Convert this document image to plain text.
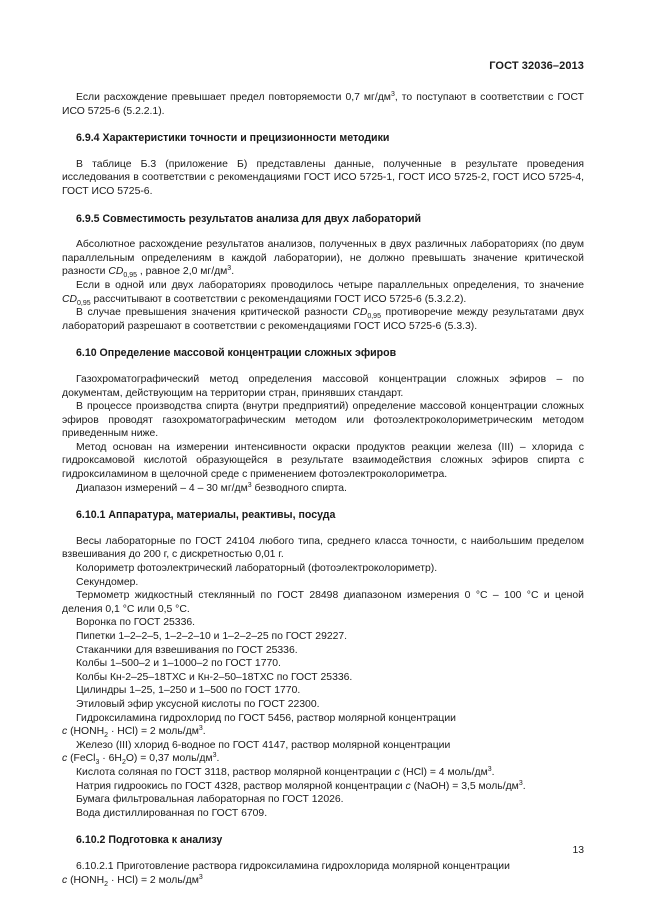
ГОСТ 32036–2013

Если расхождение превышает предел повторяемости 0,7 $мг/дм^3$, то поступают в соответствии с ГОСТ ИСО 5725-6 (5.2.2.1).

6.9.4 Характеристики точности и прецизионности методики

В таблице Б.3 (приложение Б) представлены данные, полученные в результате проведения исследования в соответствии с рекомендациями ГОСТ ИСО 5725-1, ГОСТ ИСО 5725-2, ГОСТ ИСО 5725-4, ГОСТ ИСО 5725-6.

6.9.5 Совместимость результатов анализа для двух лабораторий

Абсолютное расхождение результатов анализов, полученных в двух различных лабораториях (по двум параллельным определениям в каждой лаборатории), не должно превышать значение критической разности $CD_{0,95}$ , равное 2,0 $мг/дм^3$.

Если в одной или двух лабораториях проводилось четыре параллельных определения, то значение $CD_{0,95}$ рассчитывают в соответствии с рекомендациями ГОСТ ИСО 5725-6 (5.3.2.2).

В случае превышения значения критической разности $CD_{0,95}$ противоречие между результатами двух лабораторий разрешают в соответствии с рекомендациями ГОСТ ИСО 5725-6 (5.3.3).

6.10 Определение массовой концентрации сложных эфиров

Газохроматографический метод определения массовой концентрации сложных эфиров – по документам, действующим на территории стран, принявших стандарт.

В процессе производства спирта (внутри предприятий) определение массовой концентрации сложных эфиров проводят газохроматографическим методом или фотоэлектроколориметрическим методом приведенным ниже.

Метод основан на измерении интенсивности окраски продуктов реакции железа (III) – хлорида с гидроксамовой кислотой образующейся в результате взаимодействия сложных эфиров спирта с гидроксиламином в щелочной среде с применением фотоэлектроколориметра.

Диапазон измерений – 4 – 30 $мг/дм^3$ безводного спирта.

6.10.1 Аппаратура, материалы, реактивы, посуда

Весы лабораторные по ГОСТ 24104 любого типа, среднего класса точности, с наибольшим пределом взвешивания до 200 г, с дискретностью 0,01 г.

Колориметр фотоэлектрический лабораторный (фотоэлектроколориметр).

Секундомер.

Термометр жидкостный стеклянный по ГОСТ 28498 диапазоном измерения 0 °С – 100 °С и ценой деления 0,1 °С или 0,5 °С.

Воронка по ГОСТ 25336.

Пипетки 1–2–2–5, 1–2–2–10 и 1–2–2–25 по ГОСТ 29227.

Стаканчики для взвешивания по ГОСТ 25336.

Колбы 1–500–2 и 1–1000–2 по ГОСТ 1770.

Колбы Кн-2–25–18ТХС и Кн-2–50–18ТХС по ГОСТ 25336.

Цилиндры 1–25, 1–250 и 1–500 по ГОСТ 1770.

Этиловый эфир уксусной кислоты по ГОСТ 22300.

Гидроксиламина гидрохлорид по ГОСТ 5456, раствор молярной концентрации

c $(HONH_2 \cdot HCl) = 2$ моль/$дм^3$.

Железо (III) хлорид 6-водное по ГОСТ 4147, раствор молярной концентрации

c (FeCl$_3$ · $6H_2O) = 0,37$ моль/$дм^3$.

Кислота соляная по ГОСТ 3118, раствор молярной концентрации c (HCl) = 4 моль/$дм^3$.

Натрия гидроокись по ГОСТ 4328, раствор молярной концентрации c (NaOH) = 3,5 моль/$дм^3$.

Бумага фильтровальная лабораторная по ГОСТ 12026.

Вода дистиллированная по ГОСТ 6709.

6.10.2 Подготовка к анализу

6.10.2.1 Приготовление раствора гидроксиламина гидрохлорида молярной концентрации

c $(HONH_2 \cdot HCl) = 2$ моль/$дм^3$

13
